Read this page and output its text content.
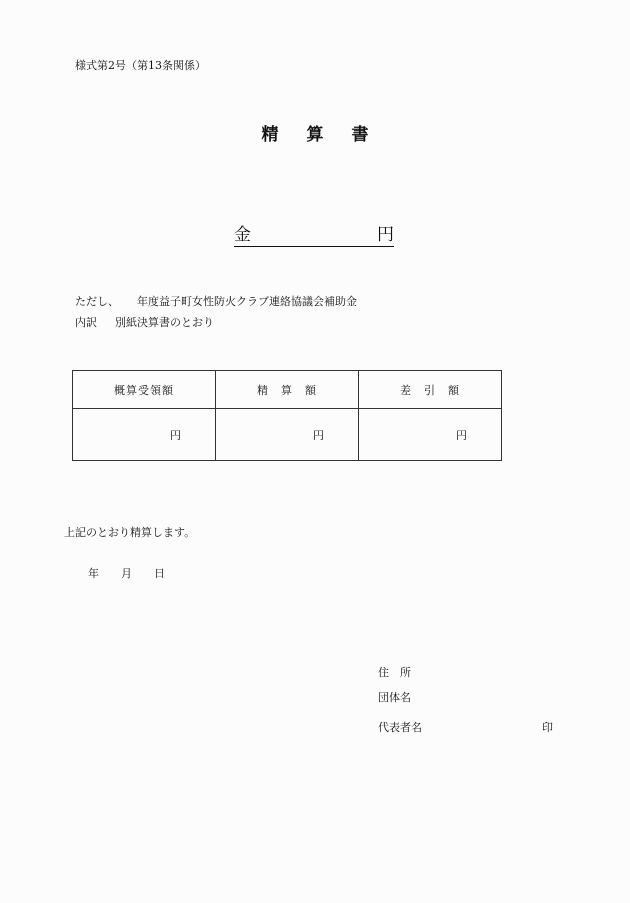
様式第2号（第13条関係）
精算書
金	円
ただし、 年度益子町女性防火クラブ連絡協議会補助金
内訳 別紙決算書のとおり
概算受領額	精　算　額	差　引　額
円	円	円
上記のとおり精算します。
年　　月　　日
住　所
団体名
代表者名	印
